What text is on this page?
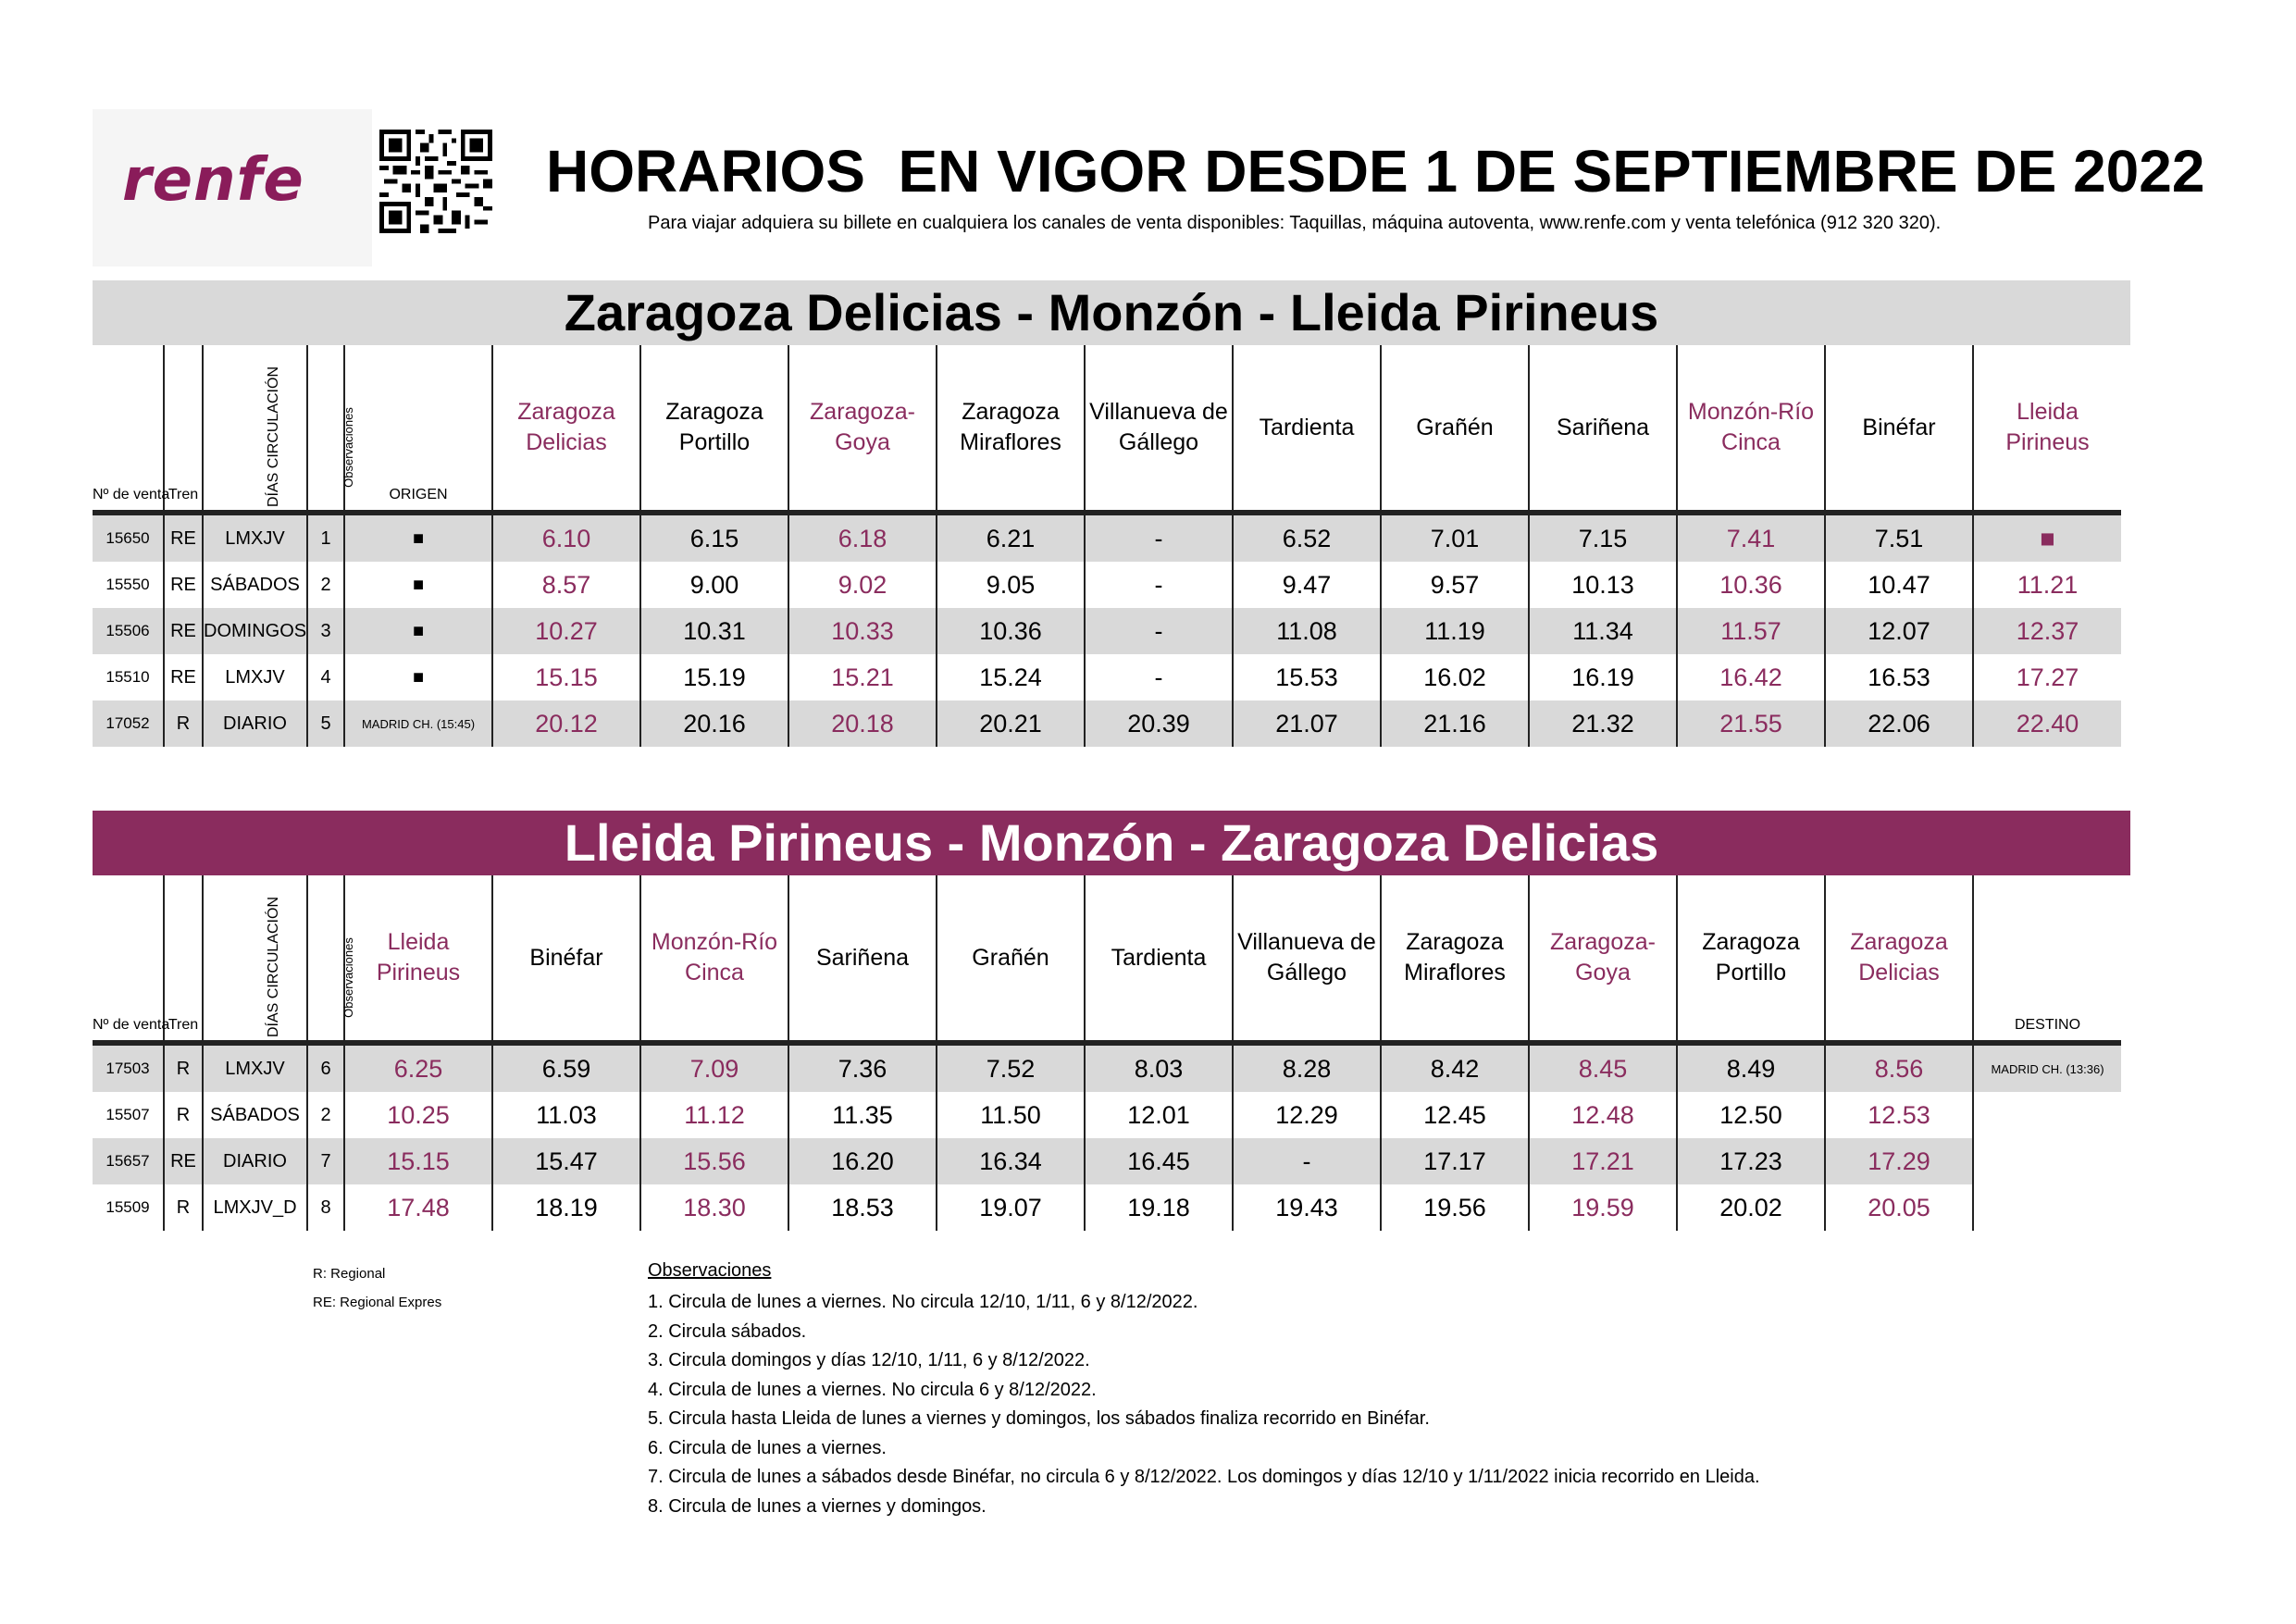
renfe	HORARIOS  EN VIGOR DESDE 1 DE SEPTIEMBRE DE 2022
Para viajar adquiera su billete en cualquiera los canales de venta disponibles: Taquillas, máquina autoventa, www.renfe.com y venta telefónica (912 320 320).
Zaragoza Delicias - Monzón - Lleida Pirineus
Nº de venta	Tren	DÍAS CIRCULACIÓN	Observaciones	ORIGEN	Zaragoza Delicias	Zaragoza Portillo	Zaragoza-Goya	Zaragoza Miraflores	Villanueva de Gállego	Tardienta	Grañén	Sariñena	Monzón-Río Cinca	Binéfar	Lleida Pirineus
15650	RE	LMXJV	1	■	6.10	6.15	6.18	6.21	-	6.52	7.01	7.15	7.41	7.51	■
15550	RE	SÁBADOS	2	■	8.57	9.00	9.02	9.05	-	9.47	9.57	10.13	10.36	10.47	11.21
15506	RE	DOMINGOS	3	■	10.27	10.31	10.33	10.36	-	11.08	11.19	11.34	11.57	12.07	12.37
15510	RE	LMXJV	4	■	15.15	15.19	15.21	15.24	-	15.53	16.02	16.19	16.42	16.53	17.27
17052	R	DIARIO	5	MADRID CH. (15:45)	20.12	20.16	20.18	20.21	20.39	21.07	21.16	21.32	21.55	22.06	22.40
Lleida Pirineus - Monzón - Zaragoza Delicias
Nº de venta	Tren	DÍAS CIRCULACIÓN	Observaciones	Lleida Pirineus	Binéfar	Monzón-Río Cinca	Sariñena	Grañén	Tardienta	Villanueva de Gállego	Zaragoza Miraflores	Zaragoza-Goya	Zaragoza Portillo	Zaragoza Delicias	DESTINO
17503	R	LMXJV	6	6.25	6.59	7.09	7.36	7.52	8.03	8.28	8.42	8.45	8.49	8.56	MADRID CH. (13:36)
15507	R	SÁBADOS	2	10.25	11.03	11.12	11.35	11.50	12.01	12.29	12.45	12.48	12.50	12.53	
15657	RE	DIARIO	7	15.15	15.47	15.56	16.20	16.34	16.45	-	17.17	17.21	17.23	17.29	
15509	R	LMXJV_D	8	17.48	18.19	18.30	18.53	19.07	19.18	19.43	19.56	19.59	20.02	20.05	
R: Regional
RE: Regional Expres
Observaciones
1. Circula de lunes a viernes. No circula 12/10, 1/11, 6 y 8/12/2022.
2. Circula sábados.
3. Circula domingos y días 12/10, 1/11, 6 y 8/12/2022.
4. Circula de lunes a viernes. No circula 6 y 8/12/2022.
5. Circula hasta Lleida de lunes a viernes y domingos, los sábados finaliza recorrido en Binéfar.
6. Circula de lunes a viernes.
7. Circula de lunes a sábados desde Binéfar, no circula 6 y 8/12/2022. Los domingos y días 12/10 y 1/11/2022 inicia recorrido en Lleida.
8. Circula de lunes a viernes y domingos.
